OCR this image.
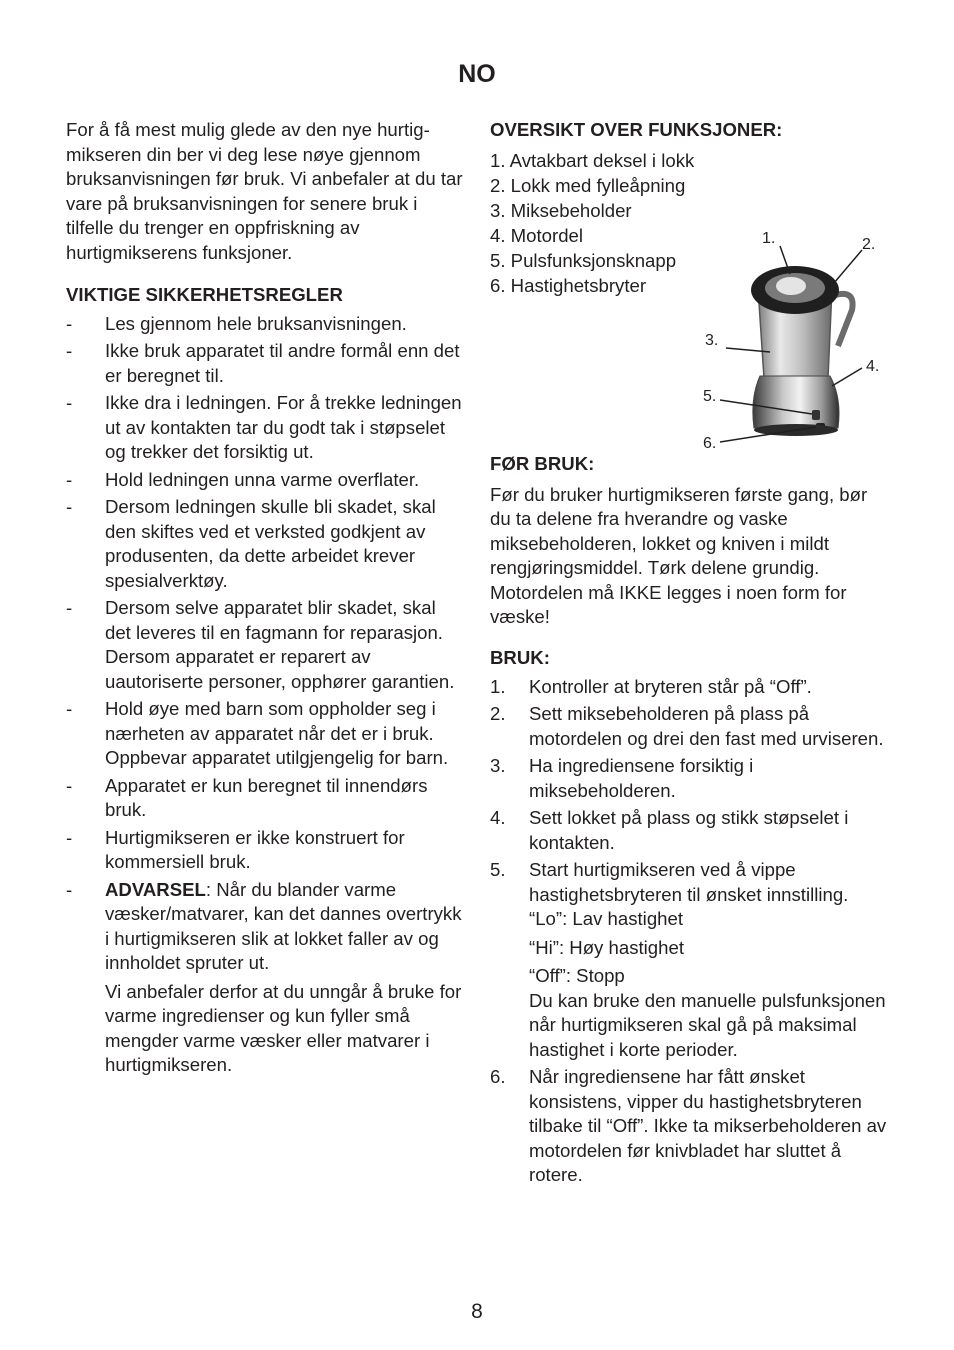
NO

For å få mest mulig glede av den nye hurtigmikseren din ber vi deg lese nøye gjennom bruksanvisningen før bruk. Vi anbefaler at du tar vare på bruksanvisningen for senere bruk i tilfelle du trenger en oppfriskning av hurtigmikserens funksjoner.

VIKTIGE SIKKERHETSREGLER
- Les gjennom hele bruksanvisningen.
- Ikke bruk apparatet til andre formål enn det er beregnet til.
- Ikke dra i ledningen. For å trekke ledningen ut av kontakten tar du godt tak i støpselet og trekker det forsiktig ut.
- Hold ledningen unna varme overflater.
- Dersom ledningen skulle bli skadet, skal den skiftes ved et verksted godkjent av produsenten, da dette arbeidet krever spesialverktøy.
- Dersom selve apparatet blir skadet, skal det leveres til en fagmann for reparasjon. Dersom apparatet er reparert av uautoriserte personer, opphører garantien.
- Hold øye med barn som oppholder seg i nærheten av apparatet når det er i bruk. Oppbevar apparatet utilgjengelig for barn.
- Apparatet er kun beregnet til innendørs bruk.
- Hurtigmikseren er ikke konstruert for kommersiell bruk.
- ADVARSEL: Når du blander varme væsker/matvarer, kan det dannes overtrykk i hurtigmikseren slik at lokket faller av og innholdet spruter ut.

Vi anbefaler derfor at du unngår å bruke for varme ingredienser og kun fyller små mengder varme væsker eller matvarer i hurtigmikseren.

OVERSIKT OVER FUNKSJONER:
1. Avtakbart deksel i lokk
2. Lokk med fylleåpning
3. Miksebeholder
4. Motordel
5. Pulsfunksjonsknapp
6. Hastighetsbryter
1.	2.
3.
4.
5.
6.
FØR BRUK:

Før du bruker hurtigmikseren første gang, bør du ta delene fra hverandre og vaske miksebeholderen, lokket og kniven i mildt rengjøringsmiddel. Tørk delene grundig. Motordelen må IKKE legges i noen form for væske!

BRUK:
1. Kontroller at bryteren står på “Off”.
2. Sett miksebeholderen på plass på motordelen og drei den fast med urviseren.
3. Ha ingrediensene forsiktig i miksebeholderen.
4. Sett lokket på plass og stikk støpselet i kontakten.
5. Start hurtigmikseren ved å vippe hastighetsbryteren til ønsket innstilling.

“Lo”: Lav hastighet

“Hi”: Høy hastighet

“Off”: Stopp

Du kan bruke den manuelle pulsfunksjonen når hurtigmikseren skal gå på maksimal hastighet i korte perioder.

6. Når ingrediensene har fått ønsket konsistens, vipper du hastighetsbryteren tilbake til “Off”. Ikke ta mikserbeholderen av motordelen før knivbladet har sluttet å rotere.
8
